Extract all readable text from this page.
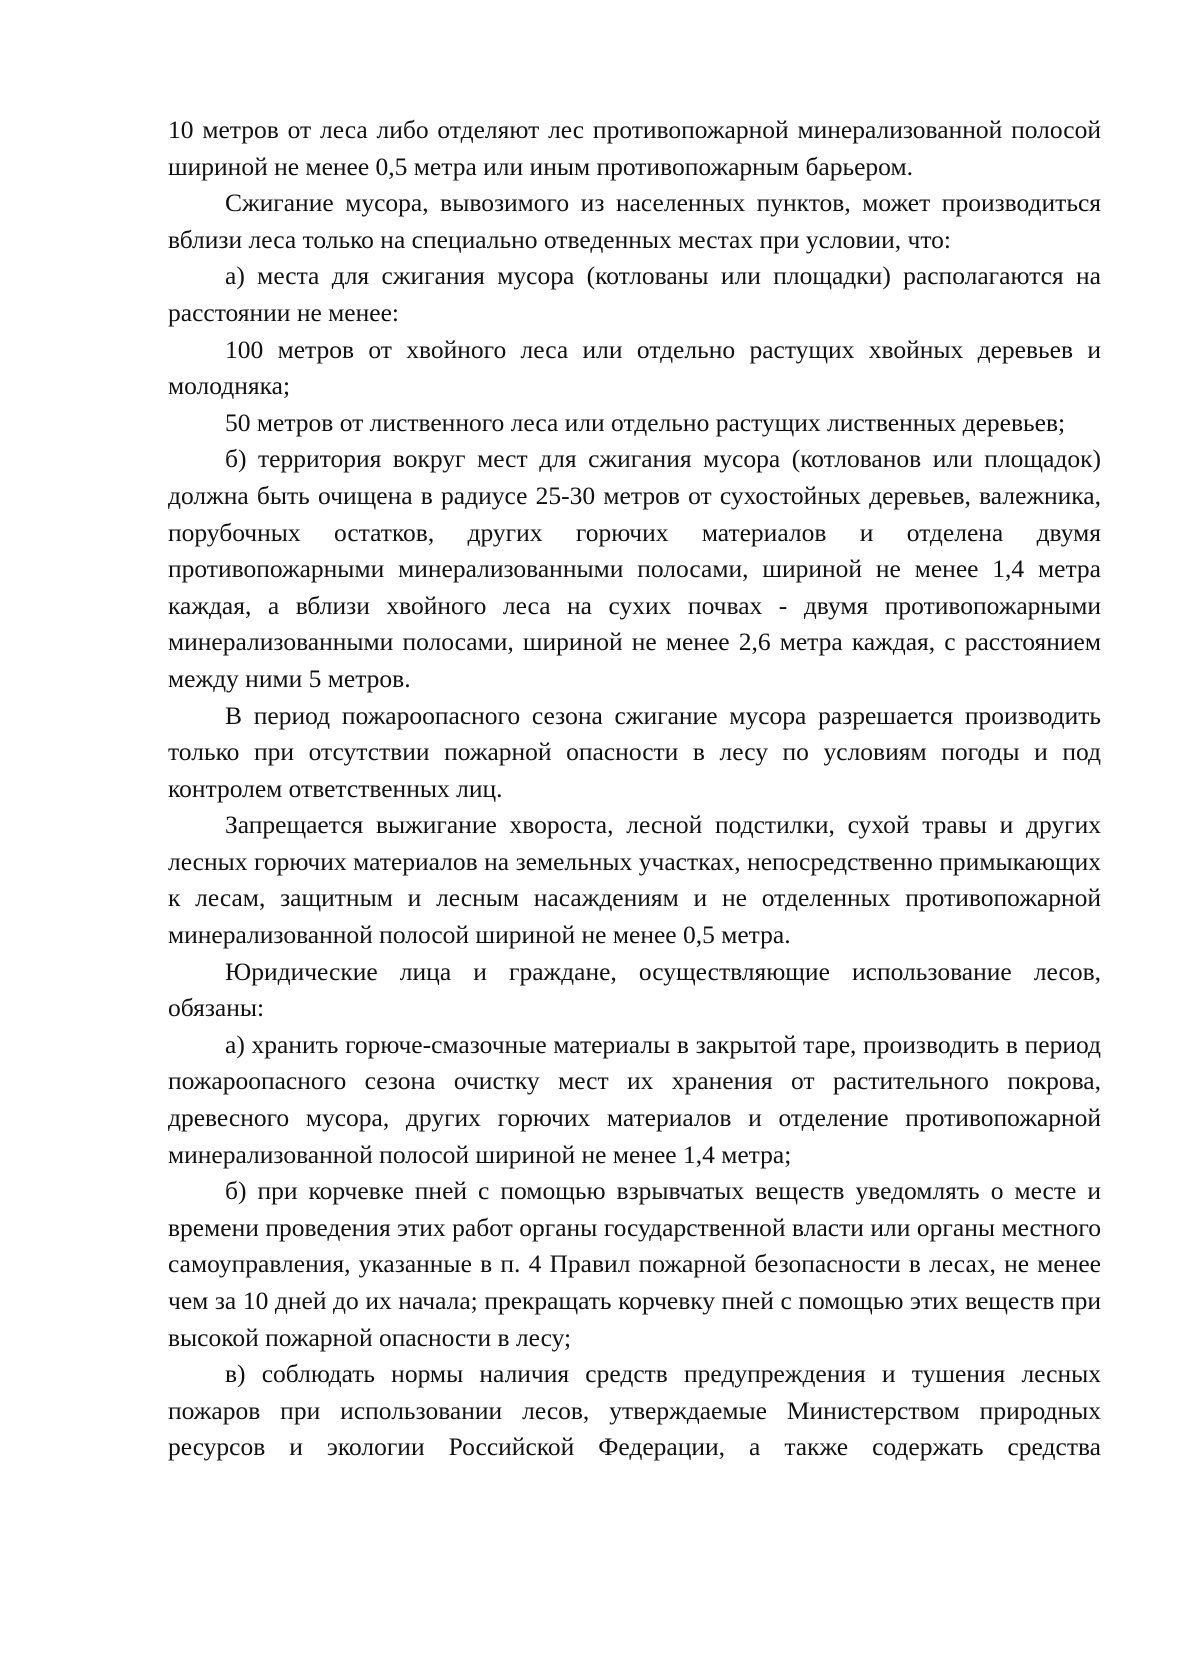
10 метров от леса либо отделяют лес противопожарной минерализованной полосой шириной не менее 0,5 метра или иным противопожарным барьером.

Сжигание мусора, вывозимого из населенных пунктов, может производиться вблизи леса только на специально отведенных местах при условии, что:

а) места для сжигания мусора (котлованы или площадки) располагаются на расстоянии не менее:

100 метров от хвойного леса или отдельно растущих хвойных деревьев и молодняка;

50 метров от лиственного леса или отдельно растущих лиственных деревьев;

б) территория вокруг мест для сжигания мусора (котлованов или площадок) должна быть очищена в радиусе 25-30 метров от сухостойных деревьев, валежника, порубочных остатков, других горючих материалов и отделена двумя противопожарными минерализованными полосами, шириной не менее 1,4 метра каждая, а вблизи хвойного леса на сухих почвах - двумя противопожарными минерализованными полосами, шириной не менее 2,6 метра каждая, с расстоянием между ними 5 метров.

В период пожароопасного сезона сжигание мусора разрешается производить только при отсутствии пожарной опасности в лесу по условиям погоды и под контролем ответственных лиц.

Запрещается выжигание хвороста, лесной подстилки, сухой травы и других лесных горючих материалов на земельных участках, непосредственно примыкающих к лесам, защитным и лесным насаждениям и не отделенных противопожарной минерализованной полосой шириной не менее 0,5 метра.

Юридические лица и граждане, осуществляющие использование лесов, обязаны:

а) хранить горюче-смазочные материалы в закрытой таре, производить в период пожароопасного сезона очистку мест их хранения от растительного покрова, древесного мусора, других горючих материалов и отделение противопожарной минерализованной полосой шириной не менее 1,4 метра;

б) при корчевке пней с помощью взрывчатых веществ уведомлять о месте и времени проведения этих работ органы государственной власти или органы местного самоуправления, указанные в п. 4 Правил пожарной безопасности в лесах, не менее чем за 10 дней до их начала; прекращать корчевку пней с помощью этих веществ при высокой пожарной опасности в лесу;

в) соблюдать нормы наличия средств предупреждения и тушения лесных пожаров при использовании лесов, утверждаемые Министерством природных ресурсов и экологии Российской Федерации, а также содержать средства
